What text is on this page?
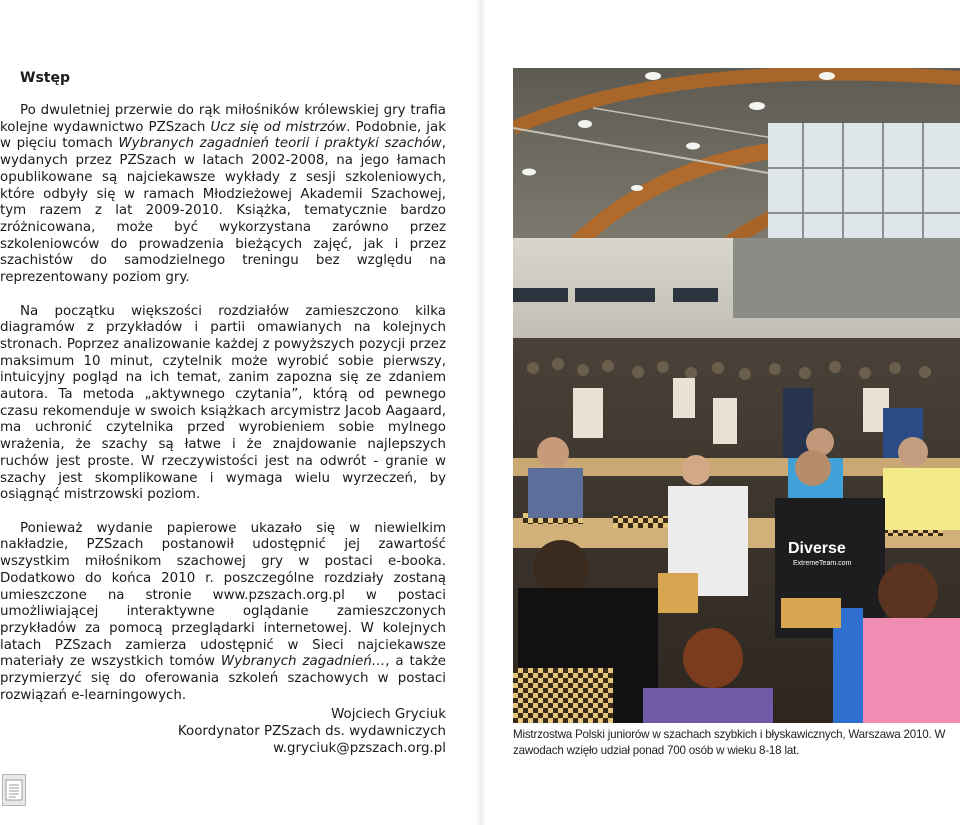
Wstęp

Po dwuletniej przerwie do rąk miłośników królewskiej gry trafia kolejne wydawnictwo PZSzach Ucz się od mistrzów. Podobnie, jak w pięciu tomach Wybranych zagadnień teorii i praktyki szachów, wydanych przez PZSzach w latach 2002-2008, na jego łamach opublikowane są najciekawsze wykłady z sesji szkoleniowych, które odbyły się w ramach Młodzieżowej Akademii Szachowej, tym razem z lat 2009-2010. Książka, tematycznie bardzo zróżnicowana, może być wykorzystana zarówno przez szkoleniowców do prowadzenia bieżących zajęć, jak i przez szachistów do samodzielnego treningu bez względu na reprezentowany poziom gry.

Na początku większości rozdziałów zamieszczono kilka diagramów z przykładów i partii omawianych na kolejnych stronach. Poprzez analizowanie każdej z powyższych pozycji przez maksimum 10 minut, czytelnik może wyrobić sobie pierwszy, intuicyjny pogląd na ich temat, zanim zapozna się ze zdaniem autora. Ta metoda „aktywnego czytania”, którą od pewnego czasu rekomenduje w swoich książkach arcymistrz Jacob Aagaard, ma uchronić czytelnika przed wyrobieniem sobie mylnego wrażenia, że szachy są łatwe i że znajdowanie najlepszych ruchów jest proste. W rzeczywistości jest na odwrót - granie w szachy jest skomplikowane i wymaga wielu wyrzeczeń, by osiągnąć mistrzowski poziom.

Ponieważ wydanie papierowe ukazało się w niewielkim nakładzie, PZSzach postanowił udostępnić jej zawartość wszystkim miłośnikom szachowej gry w postaci e-booka. Dodatkowo do końca 2010 r. poszczególne rozdziały zostaną umieszczone na stronie www.pzszach.org.pl w postaci umożliwiającej interaktywne oglądanie zamieszczonych przykładów za pomocą przeglądarki internetowej. W kolejnych latach PZSzach zamierza udostępnić w Sieci najciekawsze materiały ze wszystkich tomów Wybranych zagadnień…, a także przymierzyć się do oferowania szkoleń szachowych w postaci rozwiązań e-learningowych.

Wojciech Gryciuk
Koordynator PZSzach ds. wydawniczych
w.gryciuk@pzszach.org.pl
Diverse
ExtremeTeam.com
Mistrzostwa Polski juniorów w szachach szybkich i błyskawicznych, Warszawa 2010. W zawodach wzięło udział ponad 700 osób w wieku 8-18 lat.
